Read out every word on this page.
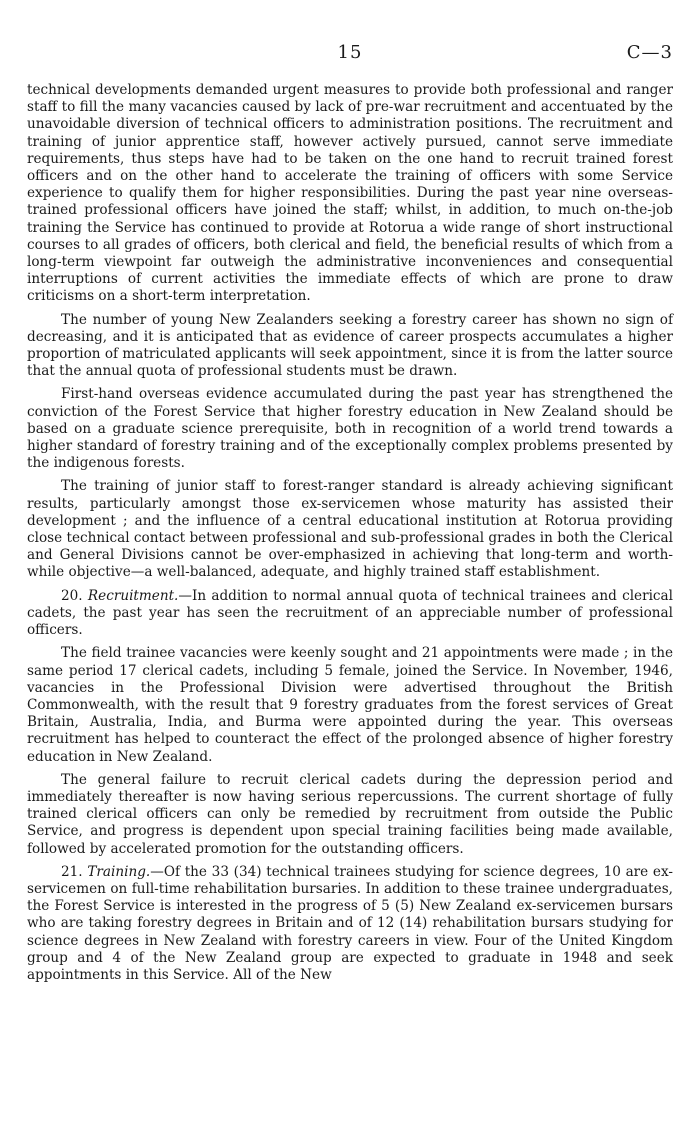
15	C—3

technical developments demanded urgent measures to provide both professional and ranger staff to fill the many vacancies caused by lack of pre-war recruitment and accentuated by the unavoidable diversion of technical officers to administration positions. The recruitment and training of junior apprentice staff, however actively pursued, cannot serve immediate requirements, thus steps have had to be taken on the one hand to recruit trained forest officers and on the other hand to accelerate the training of officers with some Service experience to qualify them for higher responsibilities. During the past year nine overseas-trained professional officers have joined the staff; whilst, in addition, to much on-the-job training the Service has continued to provide at Rotorua a wide range of short instructional courses to all grades of officers, both clerical and field, the beneficial results of which from a long-term viewpoint far outweigh the administrative inconveniences and consequential interruptions of current activities the immediate effects of which are prone to draw criticisms on a short-term interpretation.

The number of young New Zealanders seeking a forestry career has shown no sign of decreasing, and it is anticipated that as evidence of career prospects accumulates a higher proportion of matriculated applicants will seek appointment, since it is from the latter source that the annual quota of professional students must be drawn.

First-hand overseas evidence accumulated during the past year has strengthened the conviction of the Forest Service that higher forestry education in New Zealand should be based on a graduate science prerequisite, both in recognition of a world trend towards a higher standard of forestry training and of the exceptionally complex problems presented by the indigenous forests.

The training of junior staff to forest-ranger standard is already achieving significant results, particularly amongst those ex-servicemen whose maturity has assisted their development ; and the influence of a central educational institution at Rotorua providing close technical contact between professional and sub-professional grades in both the Clerical and General Divisions cannot be over-emphasized in achieving that long-term and worth-while objective—a well-balanced, adequate, and highly trained staff establishment.

20. Recruitment.—In addition to normal annual quota of technical trainees and clerical cadets, the past year has seen the recruitment of an appreciable number of professional officers.

The field trainee vacancies were keenly sought and 21 appointments were made ; in the same period 17 clerical cadets, including 5 female, joined the Service. In November, 1946, vacancies in the Professional Division were advertised throughout the British Commonwealth, with the result that 9 forestry graduates from the forest services of Great Britain, Australia, India, and Burma were appointed during the year. This overseas recruitment has helped to counteract the effect of the prolonged absence of higher forestry education in New Zealand.

The general failure to recruit clerical cadets during the depression period and immediately thereafter is now having serious repercussions. The current shortage of fully trained clerical officers can only be remedied by recruitment from outside the Public Service, and progress is dependent upon special training facilities being made available, followed by accelerated promotion for the outstanding officers.

21. Training.—Of the 33 (34) technical trainees studying for science degrees, 10 are ex-servicemen on full-time rehabilitation bursaries. In addition to these trainee undergraduates, the Forest Service is interested in the progress of 5 (5) New Zealand ex-servicemen bursars who are taking forestry degrees in Britain and of 12 (14) rehabilitation bursars studying for science degrees in New Zealand with forestry careers in view. Four of the United Kingdom group and 4 of the New Zealand group are expected to graduate in 1948 and seek appointments in this Service. All of the New
